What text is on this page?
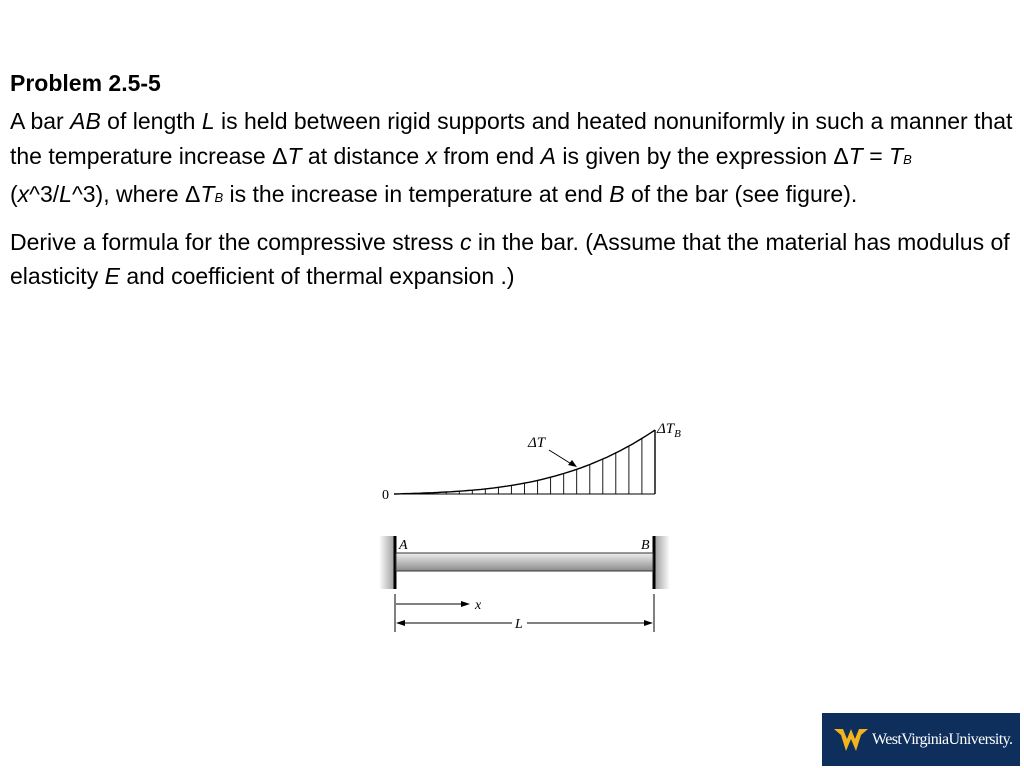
Problem 2.5-5

A bar AB of length L is held between rigid supports and heated nonuniformly in such a manner that the temperature increase ΔT at distance x from end A is given by the expression ΔT = TB (x^3/L^3), where ΔTB is the increase in temperature at end B of the bar (see figure).

Derive a formula for the compressive stress c in the bar. (Assume that the material has modulus of elasticity E and coefficient of thermal expansion .)

0
ΔT
$\Delta T_B$
A	B
x
L
WestVirginiaUniversity.
